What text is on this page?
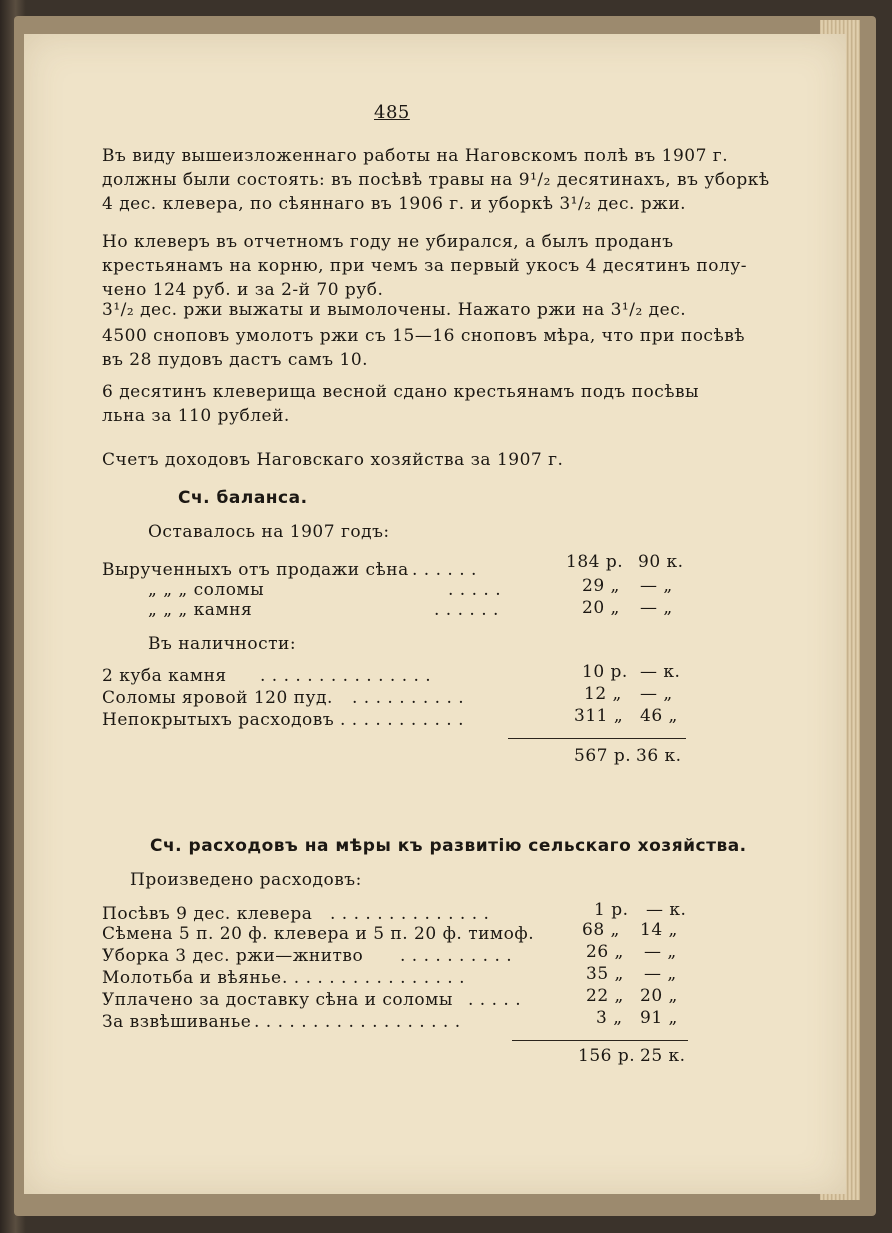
485
Въ виду вышеизложеннаго работы на Наговскомъ полѣ въ 1907 г.
должны были состоять: въ посѣвѣ травы на 9¹/₂ десятинахъ, въ уборкѣ
4 дес. клевера, по сѣяннаго въ 1906 г. и уборкѣ 3¹/₂ дес. ржи.
Но клеверъ въ отчетномъ году не убирался, а былъ проданъ
крестьянамъ на корню, при чемъ за первый укосъ 4 десятинъ полу-
чено 124 руб. и за 2-й 70 руб.
3¹/₂ дес. ржи выжаты и вымолочены. Нажато ржи на 3¹/₂ дес.
4500 сноповъ умолотъ ржи съ 15—16 сноповъ мѣра, что при посѣвѣ
въ 28 пудовъ дастъ самъ 10.
6 десятинъ клеверища весной сдано крестьянамъ подъ посѣвы
льна за 110 рублей.
Счетъ доходовъ Наговскаго хозяйства за 1907 г.
Сч. баланса.
Оставалось на 1907 годъ:
Вырученныхъ отъ продажи сѣна . . . . . .	184 р. 90 к.
„ „ „ соломы	. . . . .	29 „ — „
„ „ „ камня	. . . . . .	20 „ — „
Въ наличности:
2 куба камня . . . . . . . . . . . . . . .	10 р. — к.
Соломы яровой 120 пуд. . . . . . . . . . .	12 „ — „
Непокрытыхъ расходовъ . . . . . . . . . . .	311 „ 46 „
567 р. 36 к.
Сч. расходовъ на мѣры къ развитiю сельскаго хозяйства.
Произведено расходовъ:
Посѣвъ 9 дес. клевера . . . . . . . . . . . . . .	1 р. — к.
Сѣмена 5 п. 20 ф. клевера и 5 п. 20 ф. тимоф.	68 „ 14 „
Уборка 3 дес. ржи—жнитво . . . . . . . . . .	26 „ — „
Молотьба и вѣянье . . . . . . . . . . . . . . . .	35 „ — „
Уплачено за доставку сѣна и соломы . . . . .	22 „ 20 „
За взвѣшиванье . . . . . . . . . . . . . . . . . .	3 „ 91 „
156 р. 25 к.
